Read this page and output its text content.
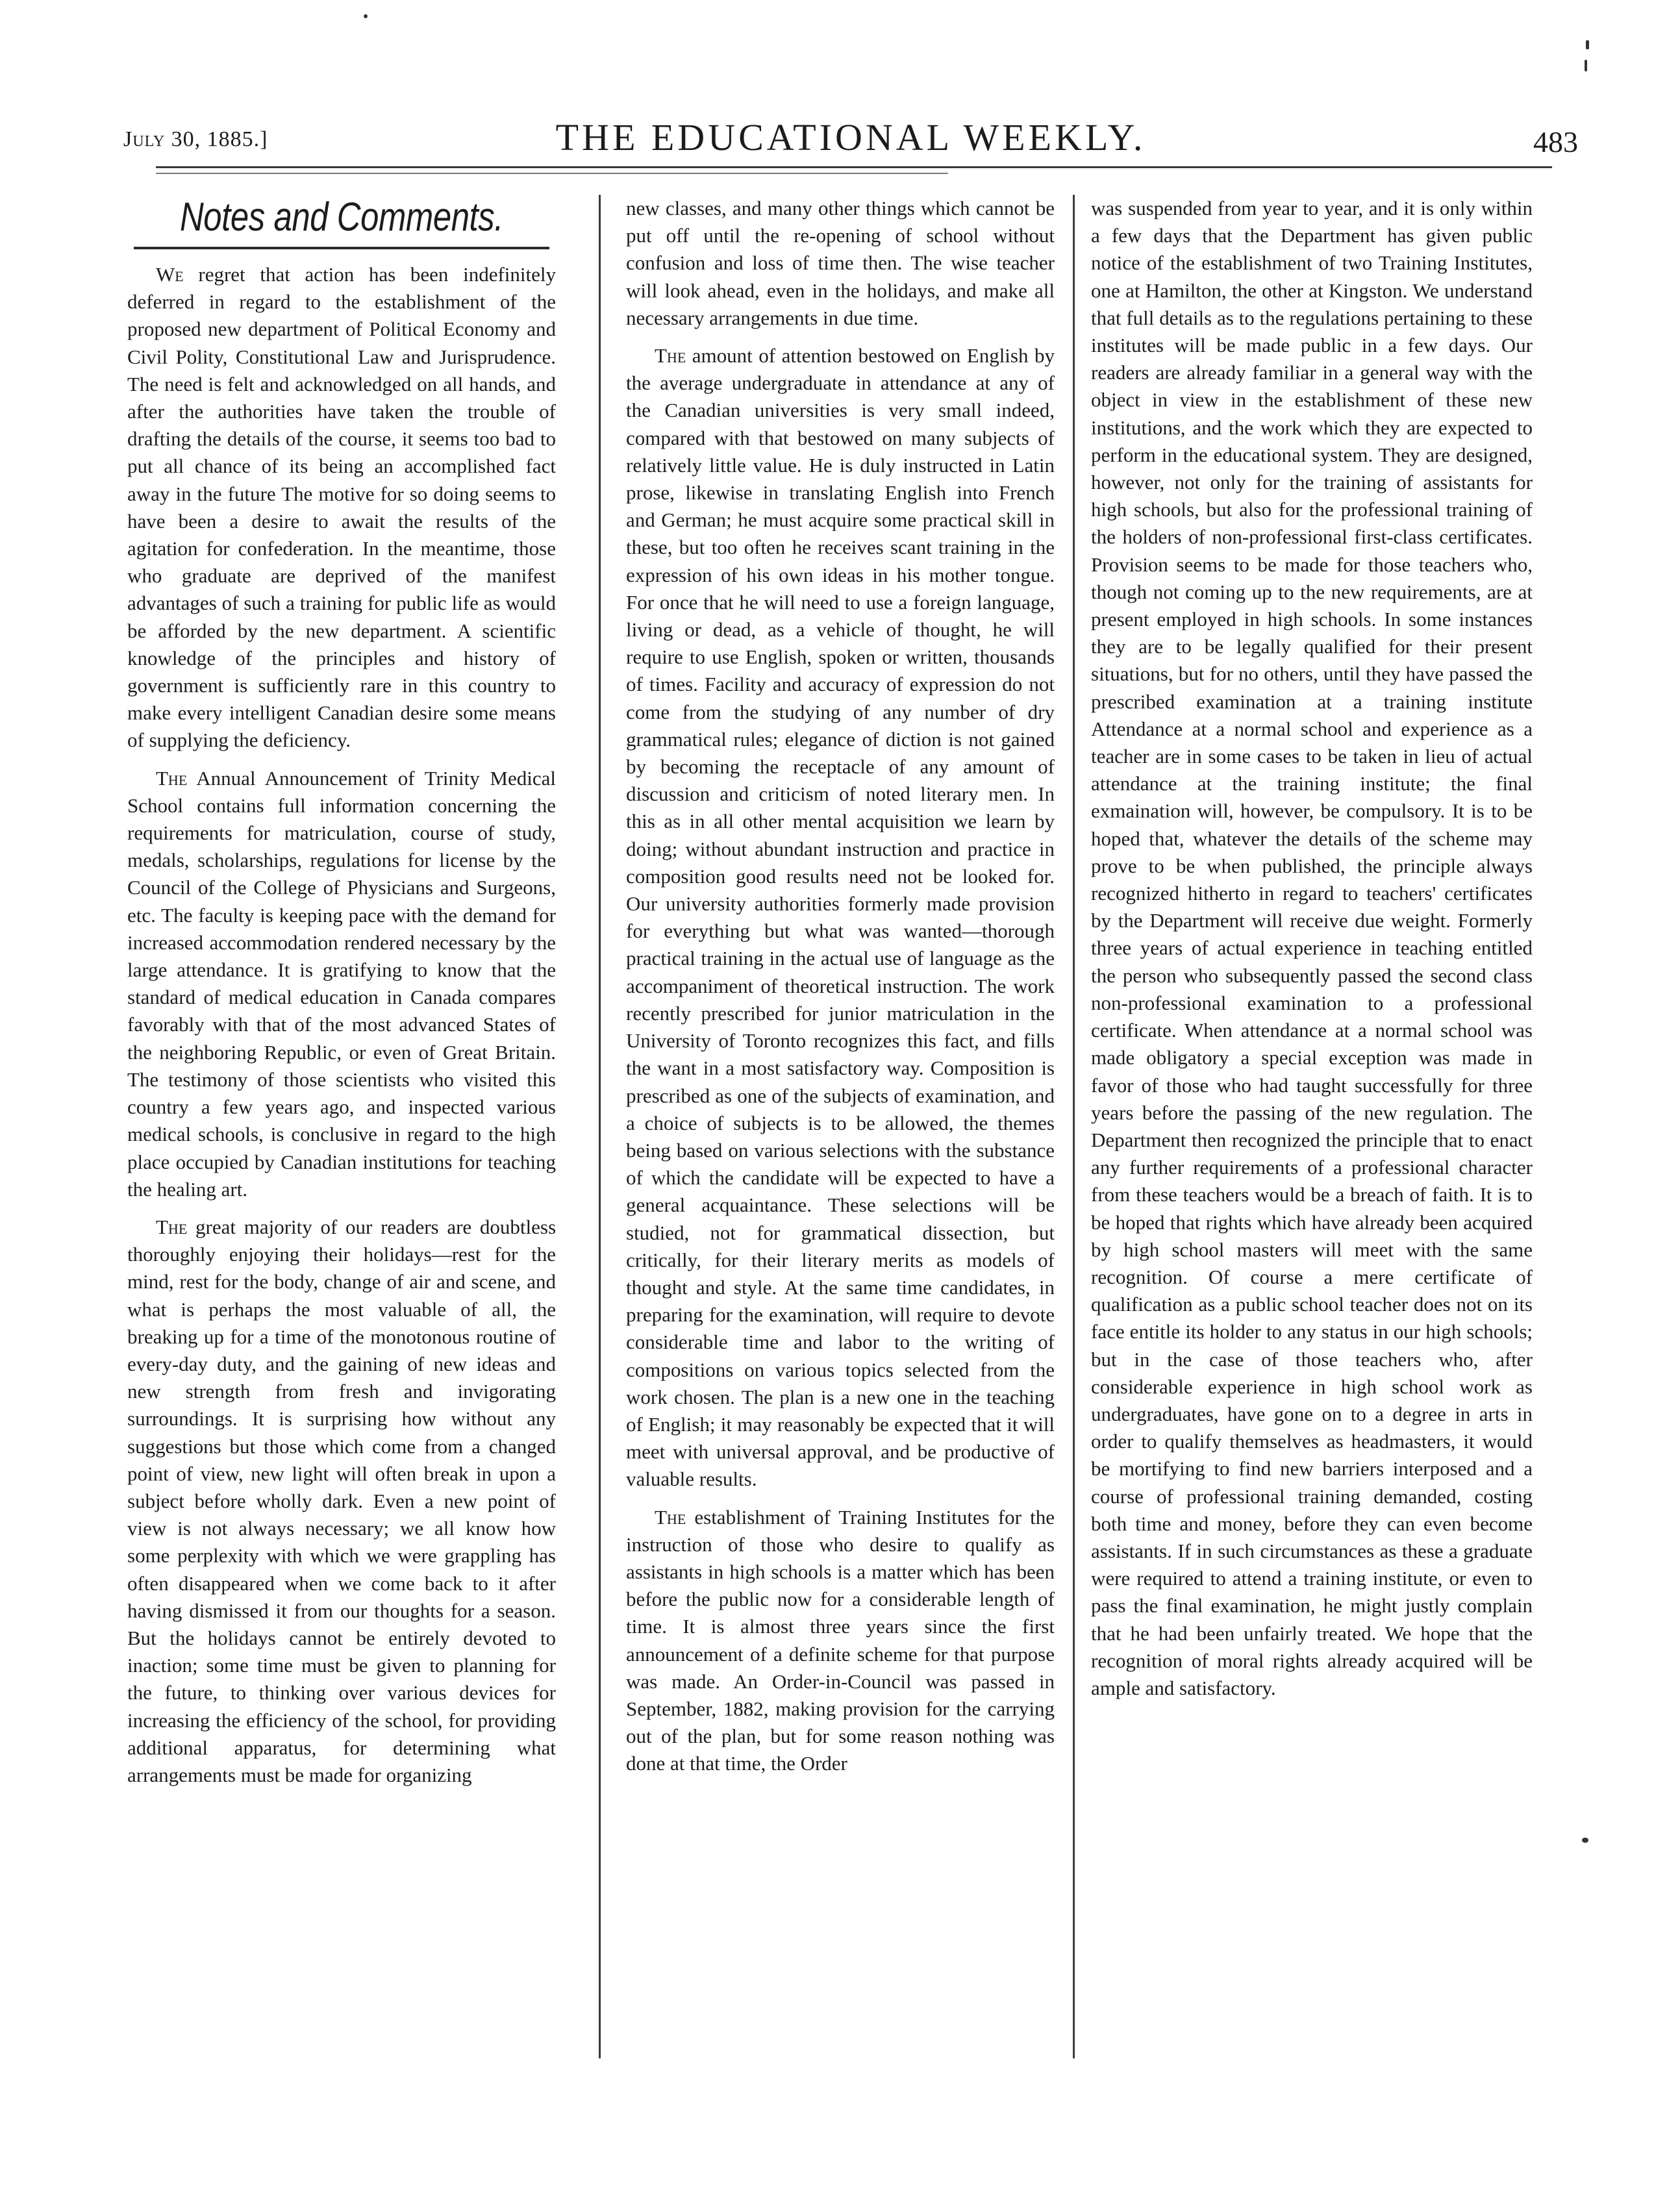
July 30, 1885.]	THE EDUCATIONAL WEEKLY.	483
Notes and Comments.

We regret that action has been indefinitely deferred in regard to the establishment of the proposed new department of Political Economy and Civil Polity, Constitutional Law and Jurisprudence. The need is felt and acknowledged on all hands, and after the authorities have taken the trouble of drafting the details of the course, it seems too bad to put all chance of its being an accomplished fact away in the future The motive for so doing seems to have been a desire to await the results of the agitation for confederation. In the meantime, those who graduate are deprived of the manifest advantages of such a training for public life as would be afforded by the new department. A scientific knowledge of the principles and history of government is sufficiently rare in this country to make every intelligent Canadian desire some means of supplying the deficiency.

The Annual Announcement of Trinity Medical School contains full information concerning the requirements for matriculation, course of study, medals, scholarships, regulations for license by the Council of the College of Physicians and Surgeons, etc. The faculty is keeping pace with the demand for increased accommodation rendered necessary by the large attendance. It is gratifying to know that the standard of medical education in Canada compares favorably with that of the most advanced States of the neighboring Republic, or even of Great Britain. The testimony of those scientists who visited this country a few years ago, and inspected various medical schools, is conclusive in regard to the high place occupied by Canadian institutions for teaching the healing art.

The great majority of our readers are doubtless thoroughly enjoying their holidays—rest for the mind, rest for the body, change of air and scene, and what is perhaps the most valuable of all, the breaking up for a time of the monotonous routine of every-day duty, and the gaining of new ideas and new strength from fresh and invigorating surroundings. It is surprising how without any suggestions but those which come from a changed point of view, new light will often break in upon a subject before wholly dark. Even a new point of view is not always necessary; we all know how some perplexity with which we were grappling has often disappeared when we come back to it after having dismissed it from our thoughts for a season. But the holidays cannot be entirely devoted to inaction; some time must be given to planning for the future, to thinking over various devices for increasing the efficiency of the school, for providing additional apparatus, for determining what arrangements must be made for organizing

new classes, and many other things which cannot be put off until the re-opening of school without confusion and loss of time then. The wise teacher will look ahead, even in the holidays, and make all necessary arrangements in due time.

The amount of attention bestowed on English by the average undergraduate in attendance at any of the Canadian universities is very small indeed, compared with that bestowed on many subjects of relatively little value. He is duly instructed in Latin prose, likewise in translating English into French and German; he must acquire some practical skill in these, but too often he receives scant training in the expression of his own ideas in his mother tongue. For once that he will need to use a foreign language, living or dead, as a vehicle of thought, he will require to use English, spoken or written, thousands of times. Facility and accuracy of expression do not come from the studying of any number of dry grammatical rules; elegance of diction is not gained by becoming the receptacle of any amount of discussion and criticism of noted literary men. In this as in all other mental acquisition we learn by doing; without abundant instruction and practice in composition good results need not be looked for. Our university authorities formerly made provision for everything but what was wanted—thorough practical training in the actual use of language as the accompaniment of theoretical instruction. The work recently prescribed for junior matriculation in the University of Toronto recognizes this fact, and fills the want in a most satisfactory way. Composition is prescribed as one of the subjects of examination, and a choice of subjects is to be allowed, the themes being based on various selections with the substance of which the candidate will be expected to have a general acquaintance. These selections will be studied, not for grammatical dissection, but critically, for their literary merits as models of thought and style. At the same time candidates, in preparing for the examination, will require to devote considerable time and labor to the writing of compositions on various topics selected from the work chosen. The plan is a new one in the teaching of English; it may reasonably be expected that it will meet with universal approval, and be productive of valuable results.

The establishment of Training Institutes for the instruction of those who desire to qualify as assistants in high schools is a matter which has been before the public now for a considerable length of time. It is almost three years since the first announcement of a definite scheme for that purpose was made. An Order-in-Council was passed in September, 1882, making provision for the carrying out of the plan, but for some reason nothing was done at that time, the Order

was suspended from year to year, and it is only within a few days that the Department has given public notice of the establishment of two Training Institutes, one at Hamilton, the other at Kingston. We understand that full details as to the regulations pertaining to these institutes will be made public in a few days. Our readers are already familiar in a general way with the object in view in the establishment of these new institutions, and the work which they are expected to perform in the educational system. They are designed, however, not only for the training of assistants for high schools, but also for the professional training of the holders of non-professional first-class certificates. Provision seems to be made for those teachers who, though not coming up to the new requirements, are at present employed in high schools. In some instances they are to be legally qualified for their present situations, but for no others, until they have passed the prescribed examination at a training institute Attendance at a normal school and experience as a teacher are in some cases to be taken in lieu of actual attendance at the training institute; the final exmaination will, however, be compulsory. It is to be hoped that, whatever the details of the scheme may prove to be when published, the principle always recognized hitherto in regard to teachers' certificates by the Department will receive due weight. Formerly three years of actual experience in teaching entitled the person who subsequently passed the second class non-professional examination to a professional certificate. When attendance at a normal school was made obligatory a special exception was made in favor of those who had taught successfully for three years before the passing of the new regulation. The Department then recognized the principle that to enact any further requirements of a professional character from these teachers would be a breach of faith. It is to be hoped that rights which have already been acquired by high school masters will meet with the same recognition. Of course a mere certificate of qualification as a public school teacher does not on its face entitle its holder to any status in our high schools; but in the case of those teachers who, after considerable experience in high school work as undergraduates, have gone on to a degree in arts in order to qualify themselves as headmasters, it would be mortifying to find new barriers interposed and a course of professional training demanded, costing both time and money, before they can even become assistants. If in such circumstances as these a graduate were required to attend a training institute, or even to pass the final examination, he might justly complain that he had been unfairly treated. We hope that the recognition of moral rights already acquired will be ample and satisfactory.
